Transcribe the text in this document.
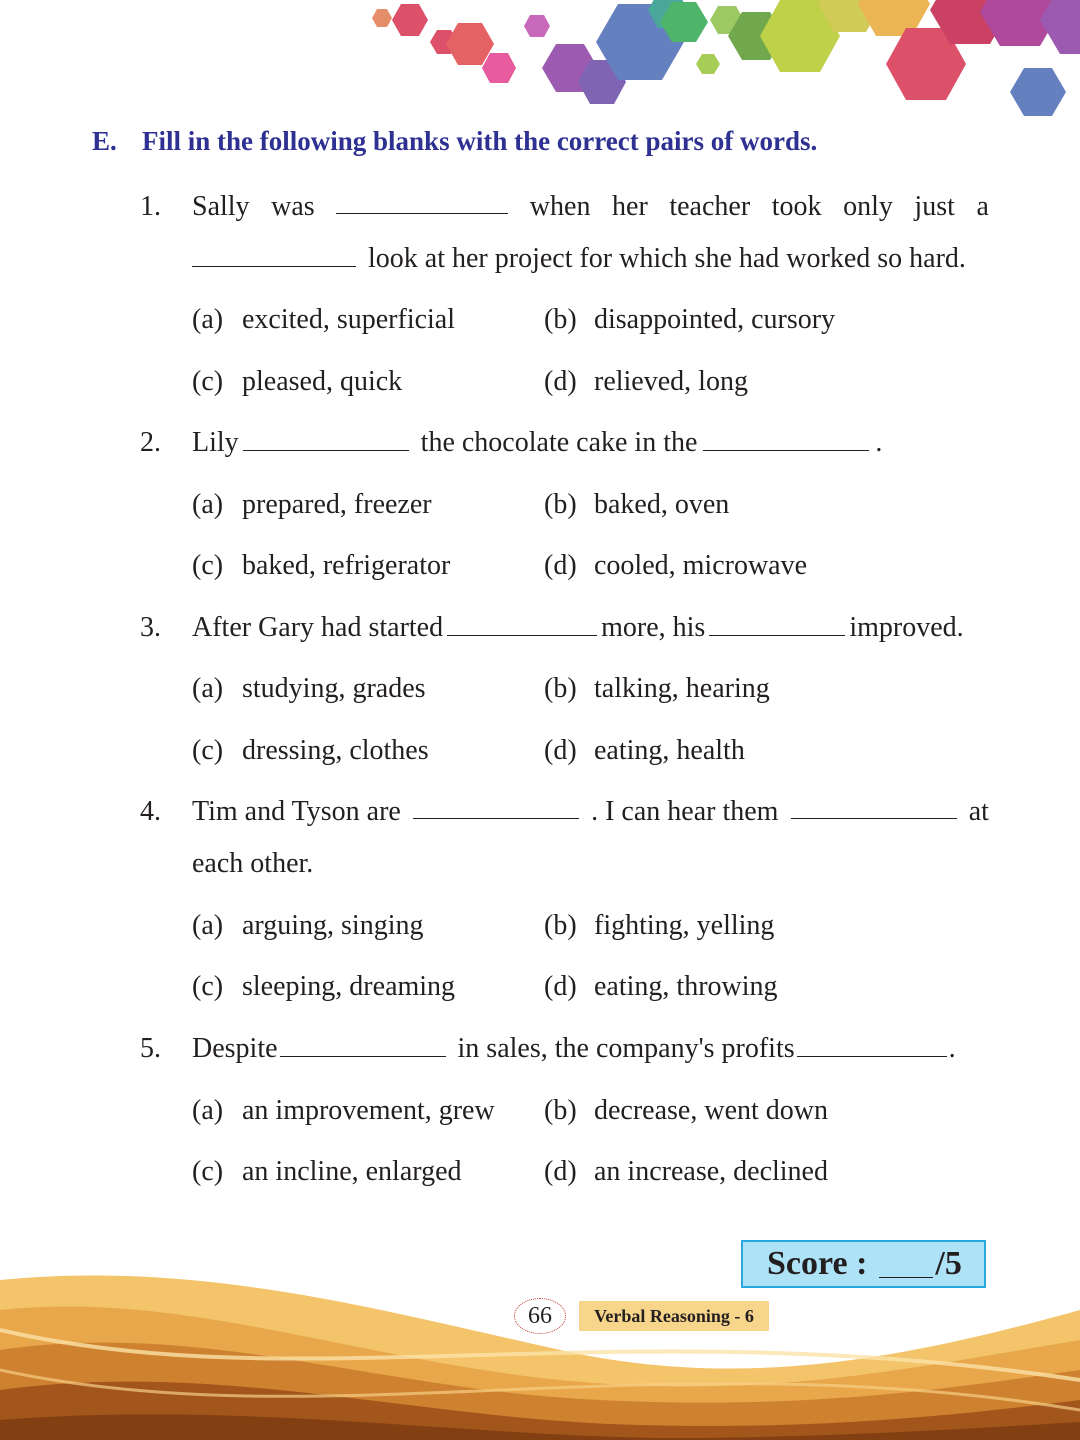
E. Fill in the following blanks with the correct pairs of words.
1. Sally was	when her teacher took only just a
look at her project for which she had worked so hard.
(a) excited, superficial	(b) disappointed, cursory
(c) pleased, quick	(d) relieved, long
2. Lily	the chocolate cake in the	.
(a) prepared, freezer	(b) baked, oven
(c) baked, refrigerator	(d) cooled, microwave
3. After Gary had started	more, his	improved.
(a) studying, grades	(b) talking, hearing
(c) dressing, clothes	(d) eating, health
4. Tim and Tyson are	. I can hear them	at
each other.
(a) arguing, singing	(b) fighting, yelling
(c) sleeping, dreaming	(d) eating, throwing
5. Despite	in sales, the company's profits	.
(a) an improvement, grew (b) decrease, went down
(c) an incline, enlarged	(d) an increase, declined
Score : /5
66	Verbal Reasoning - 6
